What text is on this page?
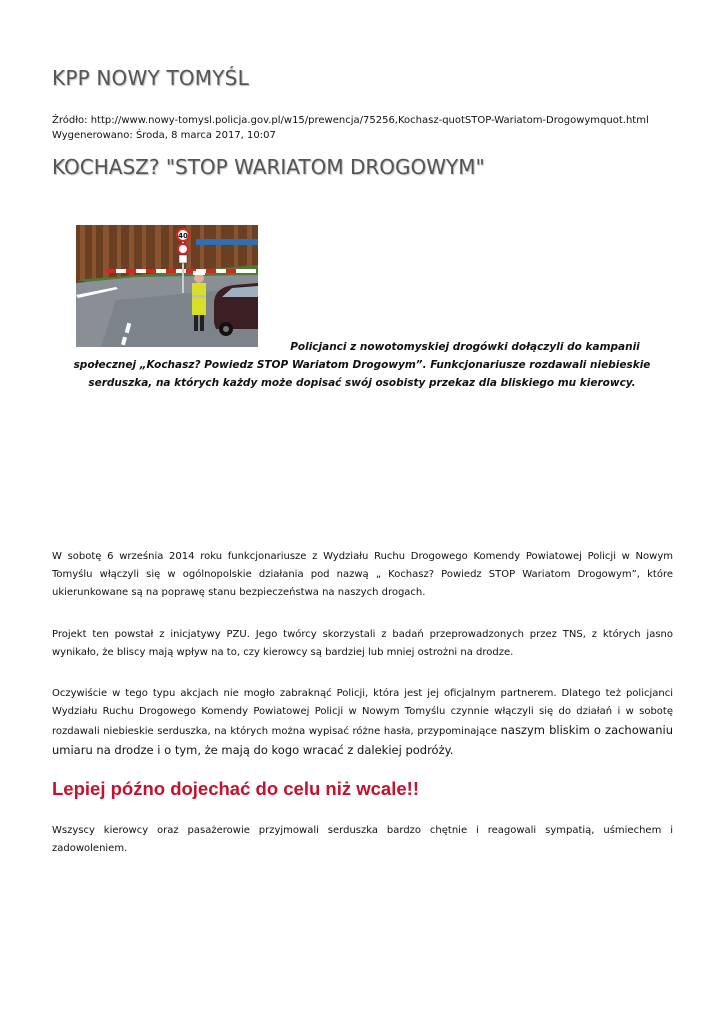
KPP NOWY TOMYŚL
Źródło: http://www.nowy-tomysl.policja.gov.pl/w15/prewencja/75256,Kochasz-quotSTOP-Wariatom-Drogowymquot.html
Wygenerowano: Środa, 8 marca 2017, 10:07
KOCHASZ? "STOP WARIATOM DROGOWYM"
40

Policjanci z nowotomyskiej drogówki dołączyli do kampanii społecznej „Kochasz? Powiedz STOP Wariatom Drogowym”. Funkcjonariusze rozdawali niebieskie serduszka, na których każdy może dopisać swój osobisty przekaz dla bliskiego mu kierowcy.

W sobotę 6 września 2014 roku funkcjonariusze z Wydziału Ruchu Drogowego Komendy Powiatowej Policji w Nowym Tomyślu włączyli się w ogólnopolskie działania pod nazwą „ Kochasz? Powiedz STOP Wariatom Drogowym”, które ukierunkowane są na poprawę stanu bezpieczeństwa na naszych drogach.

Projekt ten powstał z inicjatywy PZU. Jego twórcy skorzystali z badań przeprowadzonych przez TNS, z których jasno wynikało, że bliscy mają wpływ na to, czy kierowcy są bardziej lub mniej ostrożni na drodze.

Oczywiście w tego typu akcjach nie mogło zabraknąć Policji, która jest jej oficjalnym partnerem. Dlatego też policjanci Wydziału Ruchu Drogowego Komendy Powiatowej Policji w Nowym Tomyślu czynnie włączyli się do działań i w sobotę rozdawali niebieskie serduszka, na których można wypisać różne hasła, przypominające naszym bliskim o zachowaniu umiaru na drodze i o tym, że mają do kogo wracać z dalekiej podróży.

Lepiej późno dojechać do celu niż wcale!!

Wszyscy kierowcy oraz pasażerowie przyjmowali serduszka bardzo chętnie i reagowali sympatią, uśmiechem i zadowoleniem.
